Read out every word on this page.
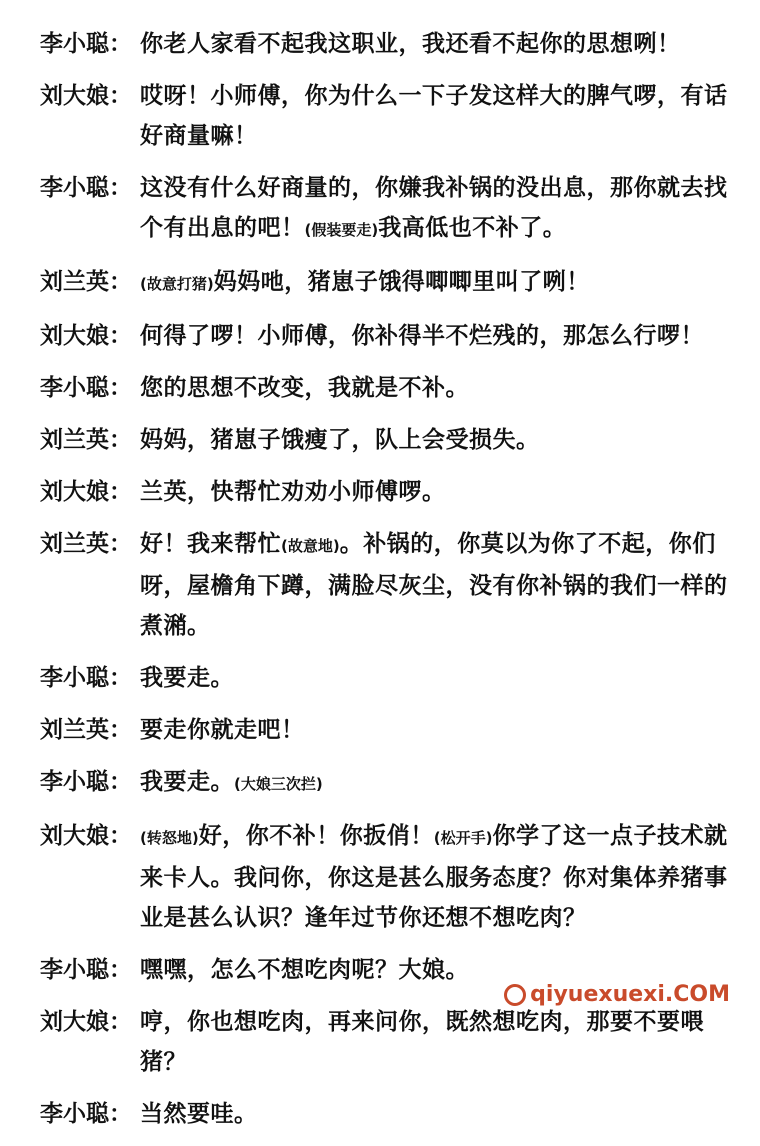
李小聪： 你老人家看不起我这职业，我还看不起你的思想咧！
刘大娘： 哎呀！小师傅，你为什么一下子发这样大的脾气啰，有话好商量嘛！
李小聪： 这没有什么好商量的，你嫌我补锅的没出息，那你就去找个有出息的吧！(假装要走)我高低也不补了。
刘兰英： (故意打猪)妈妈吔，猪崽子饿得唧唧里叫了咧！
刘大娘： 何得了啰！小师傅，你补得半不烂残的，那怎么行啰！
李小聪： 您的思想不改变，我就是不补。
刘兰英： 妈妈，猪崽子饿瘦了，队上会受损失。
刘大娘： 兰英，快帮忙劝劝小师傅啰。
刘兰英： 好！我来帮忙(故意地)。补锅的，你莫以为你了不起，你们呀，屋檐角下蹲，满脸尽灰尘，没有你补锅的我们一样的煮潲。
李小聪： 我要走。
刘兰英： 要走你就走吧！
李小聪： 我要走。(大娘三次拦)
刘大娘： (转怒地)好，你不补！你扳俏！(松开手)你学了这一点子技术就来卡人。我问你，你这是甚么服务态度？你对集体养猪事业是甚么认识？逢年过节你还想不想吃肉？
李小聪： 嘿嘿，怎么不想吃肉呢？大娘。
刘大娘： 哼，你也想吃肉，再来问你，既然想吃肉，那要不要喂猪？
李小聪： 当然要哇。
qiyuexuexi.COM
